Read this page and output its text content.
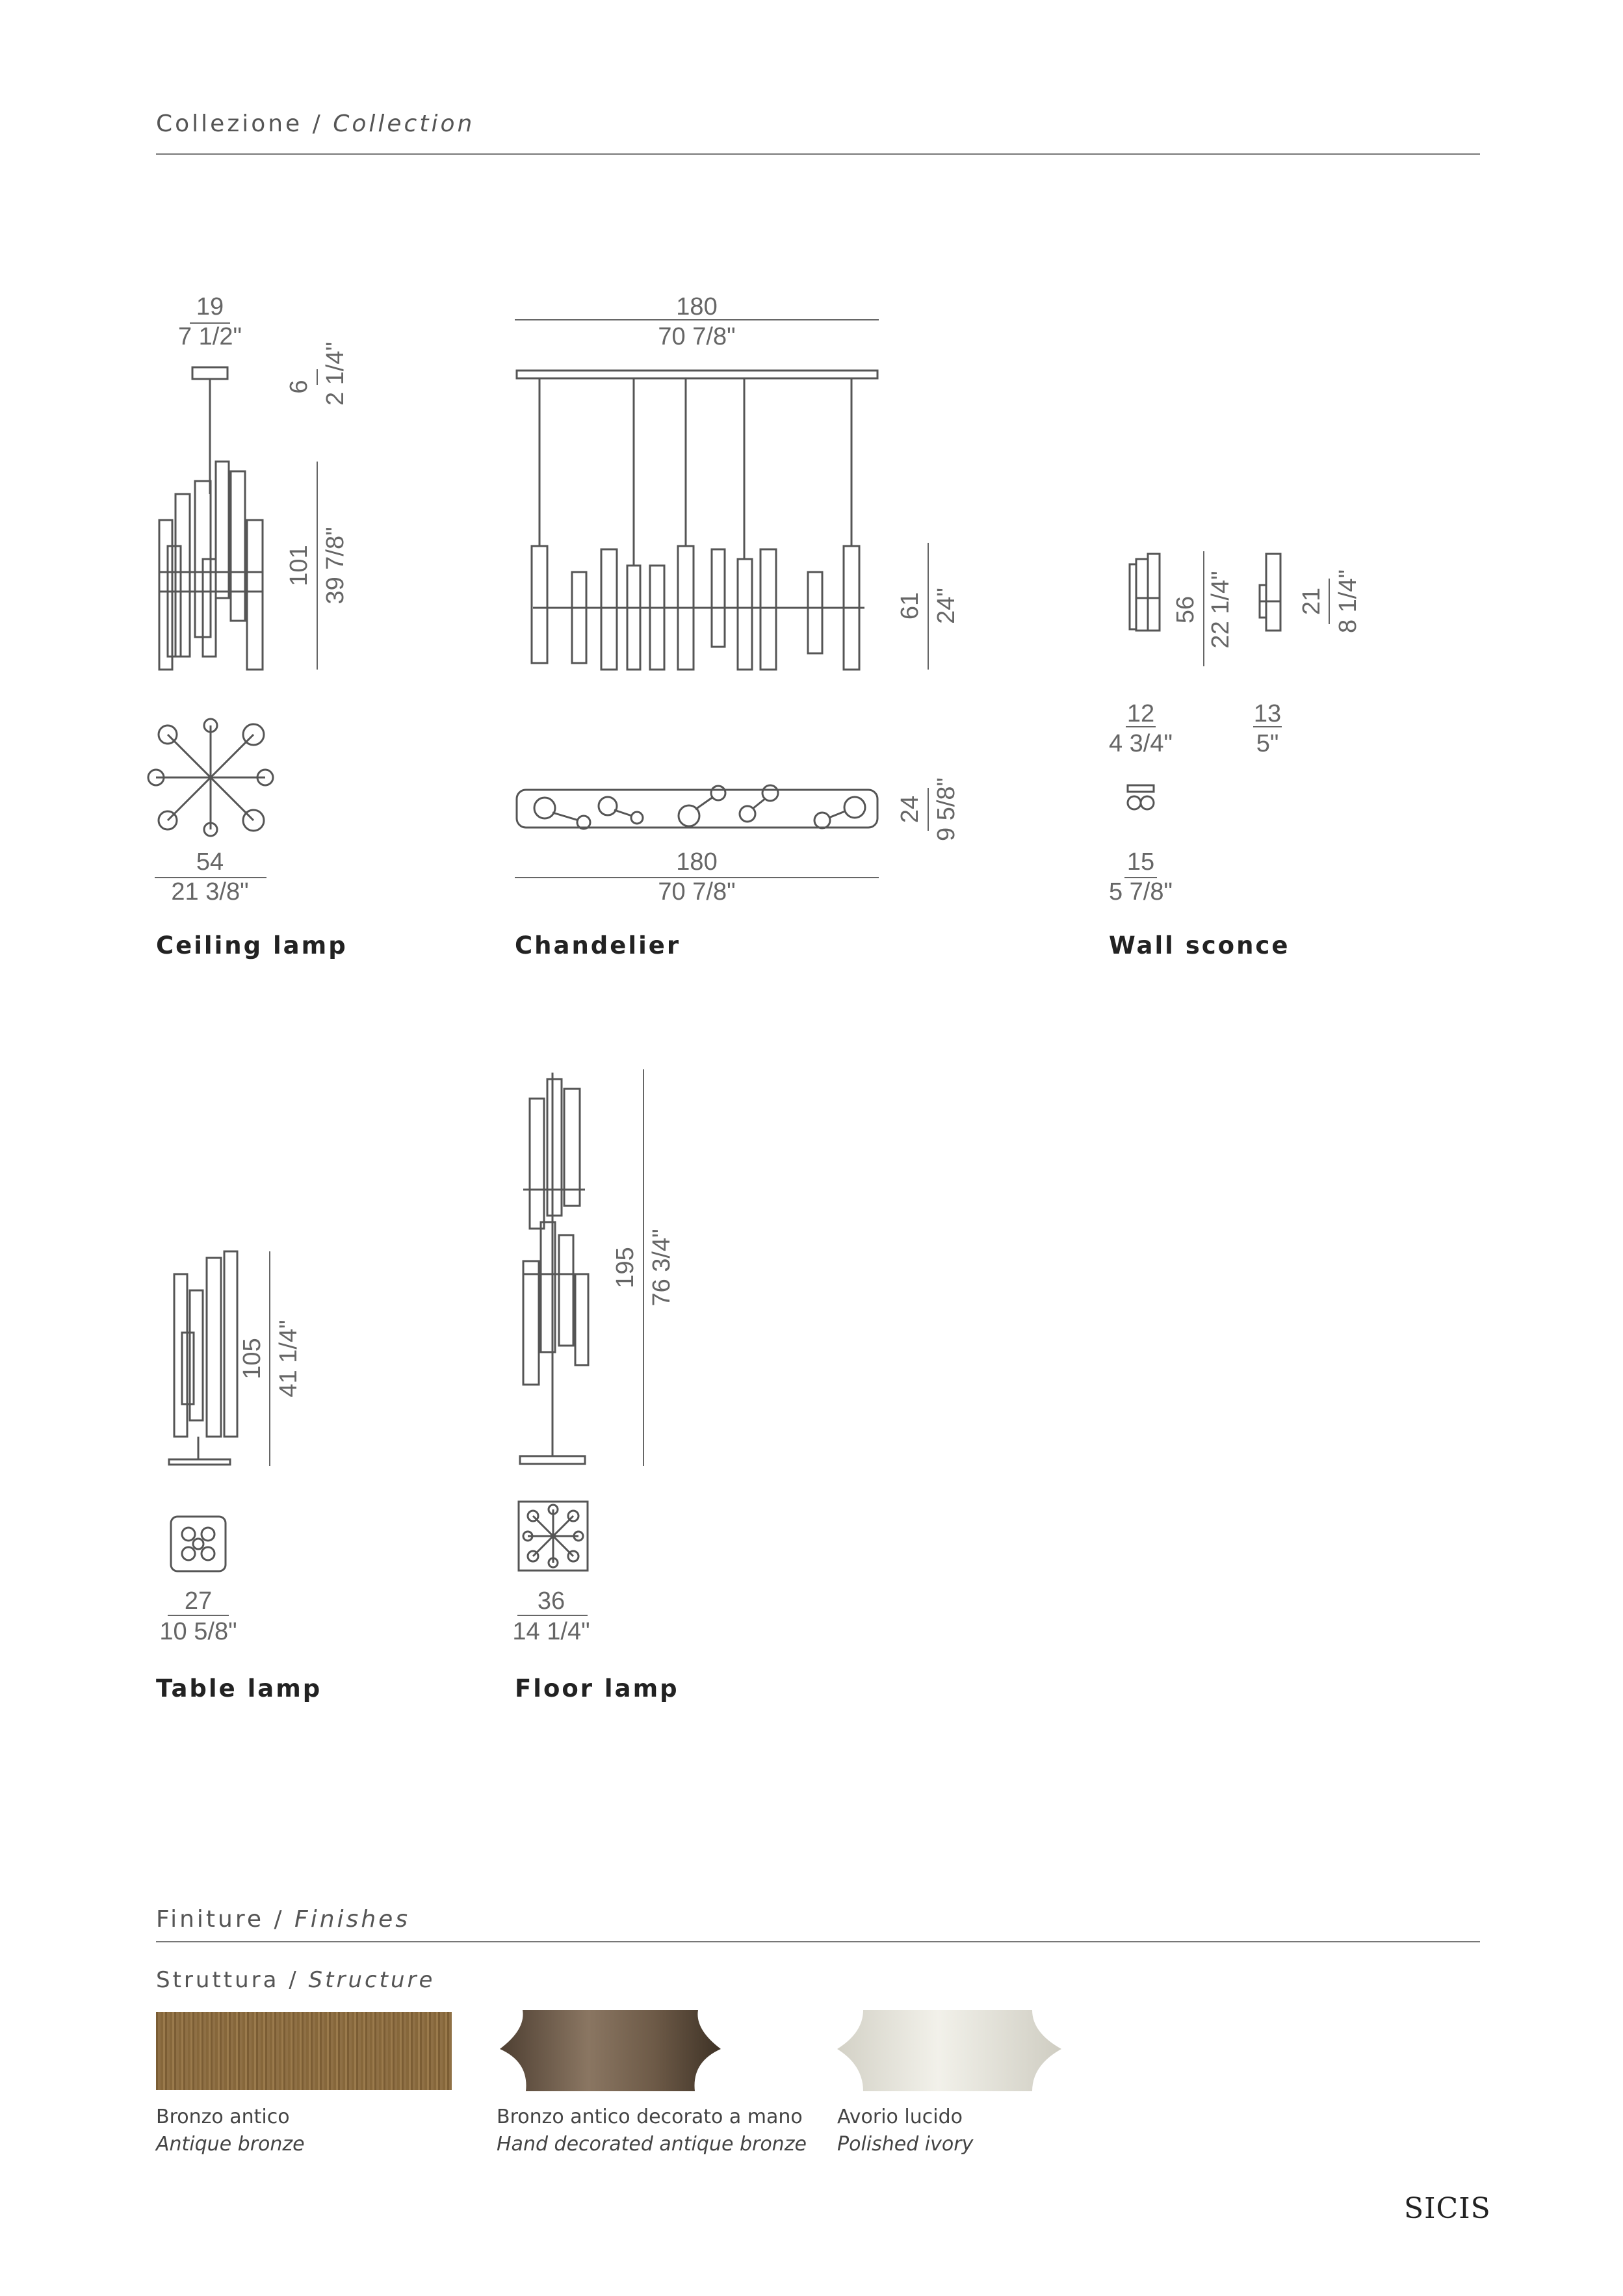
Collezione / Collection
19
7 1/2"
6 2 1/4"
101 39 7/8"
54
21 3/8"
180
70 7/8"
61 24"
24 9 5/8"
180
70 7/8"
56 22 1/4"	21 8 1/4"
12
4 3/4"
13
5"
15
5 7/8"
105 41 1/4"
27
10 5/8"
195 76 3/4"
36
14 1/4"
Ceiling lamp	Chandelier	Wall sconce
Table lamp	Floor lamp
Finiture / Finishes
Struttura / Structure
Bronzo antico
Antique bronze
Bronzo antico decorato a mano
Hand decorated antique bronze
Avorio lucido
Polished ivory
SICIS
